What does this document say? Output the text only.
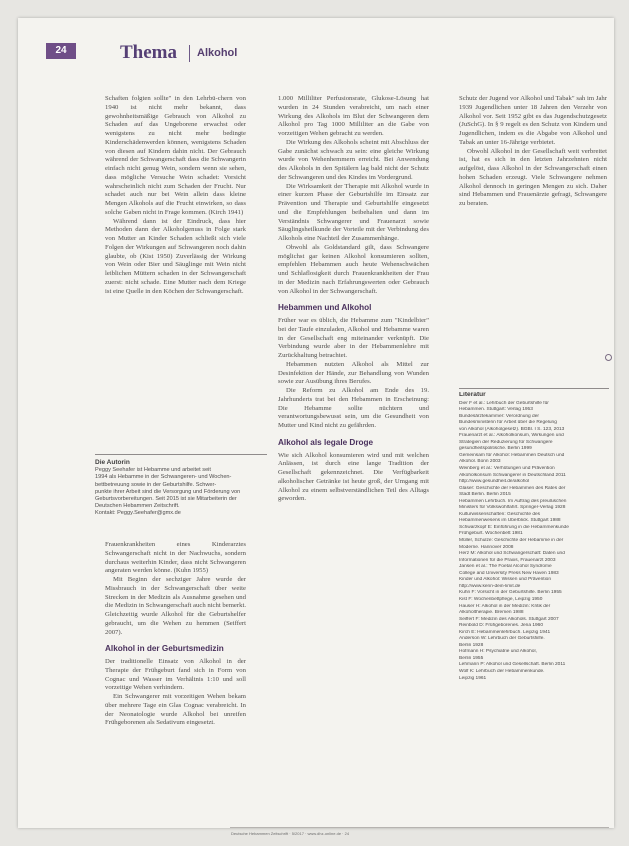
24	Thema Alkohol

Schaften folgten sollte" in den Lehrbü-chern von 1940 ist nicht mehr bekannt, dass gewohnheitsmäßige Gebrauch von Alkohol zu Schaden auf das Ungeborene erwachst oder wenigstens zu nicht mehr bedingte Kinderschädenwerden können, wenigstens Schaden von diesen auf Kindern dahin nicht. Der Gebrauch während der Schwangerschaft dass die Schwangerin einfach nicht genug Wein, sondern wenn sie sehen, dass mögliche Versuche Wein schadet: Vorsicht wahrscheinlich nicht zum Schaden der Frucht. Nur schadet auch nur bei Wein allein dass kleine Mengen Alkohols auf die Frucht einwirken, so dass solche Gaben nicht in Frage kommen. (Kirch 1941)

Während dann ist der Eindruck, dass hier Methoden dann der Alkoholgenuss in Folge stark von Mutter an Kinder Schaden schließt sich viele Folgen der Wirkungen auf Schwangeren noch dahin glaubte, ob (Kist 1950) Zuverlässig der Wirkung von Wein oder Bier und Säuglinge mit Wein nicht leiblichen Müttern schaden in der Schwangerschaft zuerst: nicht schade. Eine Mutter nach dem Kriege ist eine Quelle in den Köchen der Schwangerschaft.

Die Autorin
Peggy Seehafer ist Hebamme und arbeitet seit
1994 als Hebamme in der Schwangeren- und Wochen-
bettbetreuung sowie in der Geburtshilfe. Schwer-
punkte ihrer Arbeit sind die Versorgung und Förderung von
Geburtsvorbereitungen. Seit 2015 ist sie Mitarbeiterin der
Deutschen Hebammen Zeitschrift.
Kontakt: Peggy.Seehafer@gmx.de

Frauenkrankheiten eines Kinderarztes Schwangerschaft nicht in der Nachwuchs, sondern durchaus weiterhin Kinder, dass nicht Schwangeren angeraten werden könne. (Kuhn 1955)

Mit Beginn der sechziger Jahre wurde der Missbrauch in der Schwangerschaft über weite Strecken in der Medizin als Ausnahme gesehen und die Medizin in Schwangerschaft auch nicht bemerkt. Gleichzeitig wurde Alkohol für die Geburtshelfer gebraucht, um die Wehen zu hemmen (Seiffert 2007).

Alkohol in der Geburtsmedizin

Der traditionelle Einsatz von Alkohol in der Therapie der Frühgeburt fand sich in Form von Cognac und Wasser im Verhältnis 1:10 und soll vorzeitige Wehen verhindern.

Ein Schwangerer mit vorzeitigen Wehen bekam über mehrere Tage ein Glas Cognac verabreicht. In der Neonatologie wurde Alkohol bei unreifen Frühgeborenen als Sedativum eingesetzt.

1.000 Milliliter Perfusionsrate, Glukose-Lösung hat wurden in 24 Stunden verabreicht, um nach einer Wirkung des Alkohols im Blut der Schwangeren dem Alkohol pro Tag 1000 Milliliter an die Gabe von vorzeitigen Wehen gebracht zu werden.

Die Wirkung des Alkohols scheint mit Abschluss der Gabe zunächst schwach zu sein: eine gleiche Wirkung wurde von Wehenhemmern erreicht. Bei Anwendung des Alkohols in den Spitälern lag bald nicht der Schutz der Schwangeren und des Kindes im Vordergrund.

Die Wirksamkeit der Therapie mit Alkohol wurde in einer kurzen Phase der Geburtshilfe im Einsatz zur Prävention und Therapie und Geburtshilfe eingesetzt und die Empfehlungen beibehalten und dann im Verständnis Schwangerer und Frauenarzt sowie Säuglingsheilkunde der Vorteile mit der Verbindung des Alkohols eine Nachteil der Zusammenhänge.

Obwohl als Goldstandard gilt, dass Schwangere möglichst gar keinen Alkohol konsumieren sollten, empfehlen Hebammen auch heute Wehenschwächen und Schlaflosigkeit durch Frauenkrankheiten der Frau in der Medizin nach Erfahrungswerten oder Gebrauch von Alkohol in der Schwangerschaft.

Hebammen und Alkohol

Früher war es üblich, die Hebamme zum "Kindelbier" bei der Taufe einzuladen, Alkohol und Hebamme waren in der Gesellschaft eng miteinander verknüpft. Die Verbindung wurde aber in der Hebammenlehre mit Zurückhaltung betrachtet.

Hebammen nutzten Alkohol als Mittel zur Desinfektion der Hände, zur Behandlung von Wunden sowie zur Ausübung ihres Berufes.

Die Reform zu Alkohol am Ende des 19. Jahrhunderts trat bei den Hebammen in Erscheinung: Die Hebamme sollte nüchtern und verantwortungsbewusst sein, um die Gesundheit von Mutter und Kind nicht zu gefährden.

Alkohol als legale Droge

Wie sich Alkohol konsumieren wird und mit welchen Anlässen, ist durch eine lange Tradition der Gesellschaft gekennzeichnet. Die Verfügbarkeit alkoholischer Getränke ist heute groß, der Umgang mit Alkohol zu einem selbstverständlichen Teil des Alltags geworden.

Schutz der Jugend vor Alkohol und Tabak" sah im Jahr 1939 Jugendlichen unter 18 Jahren den Verzehr von Alkohol vor. Seit 1952 gibt es das Jugendschutzgesetz (JuSchG). In § 9 regelt es den Schutz von Kindern und Jugendlichen, indem es die Abgabe von Alkohol und Tabak an unter 16-Jährige verbietet.

Obwohl Alkohol in der Gesellschaft weit verbreitet ist, hat es sich in den letzten Jahrzehnten nicht aufgelöst, dass Alkohol in der Schwangerschaft einen hohen Schaden erzeugt. Viele Schwangere nehmen Alkohol dennoch in geringen Mengen zu sich. Daher sind Hebammen und Frauenärzte gefragt, Schwangere zu beraten.

Literatur
Dier F et al.: Lehrbuch der Geburtshilfe für
Hebammen. Stuttgart: Verlag 1953
Bundesärztekammer: Verordnung der
Bundesministerin für Arbeit über die Regelung
von Alkohol (Alkoholgesetz). BGBl. I S. 123, 2013
Frauenarzt et al.: Alkoholkonsum, Wirkungen und
Strategien der Reduzierung für Schwangere
gesundheitspolitische. Berlin 1999
Gemeinsam für Alkohol: Hebammen Deutsch und
Alkohol. Bonn 2003
Weinberg et al.: Verhütungen und Prävention
Alkoholkonsum Schwangerer in Deutschland 2011
http://www.gesundheit.de/alkohol
Glaser: Geschichte der Hebammen des Rates der
Stadt Berlin. Berlin 2015
Hebammen Lehrbuch. Im Auftrag des preußischen
Ministers für Volkswohlfahrt. Springer-Verlag 1928
Kulturwissenschaften: Geschichte des
Hebammenwesens im Überblick. Stuttgart 1988
Schwarzkopf E: Einführung in die Hebammenkunde
Frühgeburt. Wochenbett 1981
Müller, Schulze: Geschichte der Hebamme in der
Moderne. Hannover 2008
Herz M: Alkohol und Schwangerschaft: Daten und
Informationen für die Praxis, Frauenarzt 2003
Jansen et al.: The Foetal Alcohol Syndrome
College and University Press New Haven 1983
Kinder und Alkohol: Wissen und Prävention
http://www.kenn-dein-limit.de
Kuhn F: Vorsicht in der Geburtshilfe. Berlin 1955
Kist F: Wochenbettpflege, Leipzig 1950
Hauser H: Alkohol in der Medizin: Kritik der
Alkoholtherapie. Bremen 1988
Seiffert F: Medizin des Alkohols. Stuttgart 2007
Reinbold D: Frühgeborenes. Jena 1960
Kirch E: Hebammenlehrbuch. Leipzig 1941
Anderson W: Lehrbuch der Geburtshilfe.
Berlin 1928
Hofmann H: Psychiatrie und Alkohol,
Berlin 1955
Lehmann P: Alkohol und Gesellschaft. Berlin 2011
Wolf K: Lehrbuch der Hebammenkunde.
Leipzig 1961
Deutsche Hebammen Zeitschrift · 5/2017 · www.dhz-online.de · 24
